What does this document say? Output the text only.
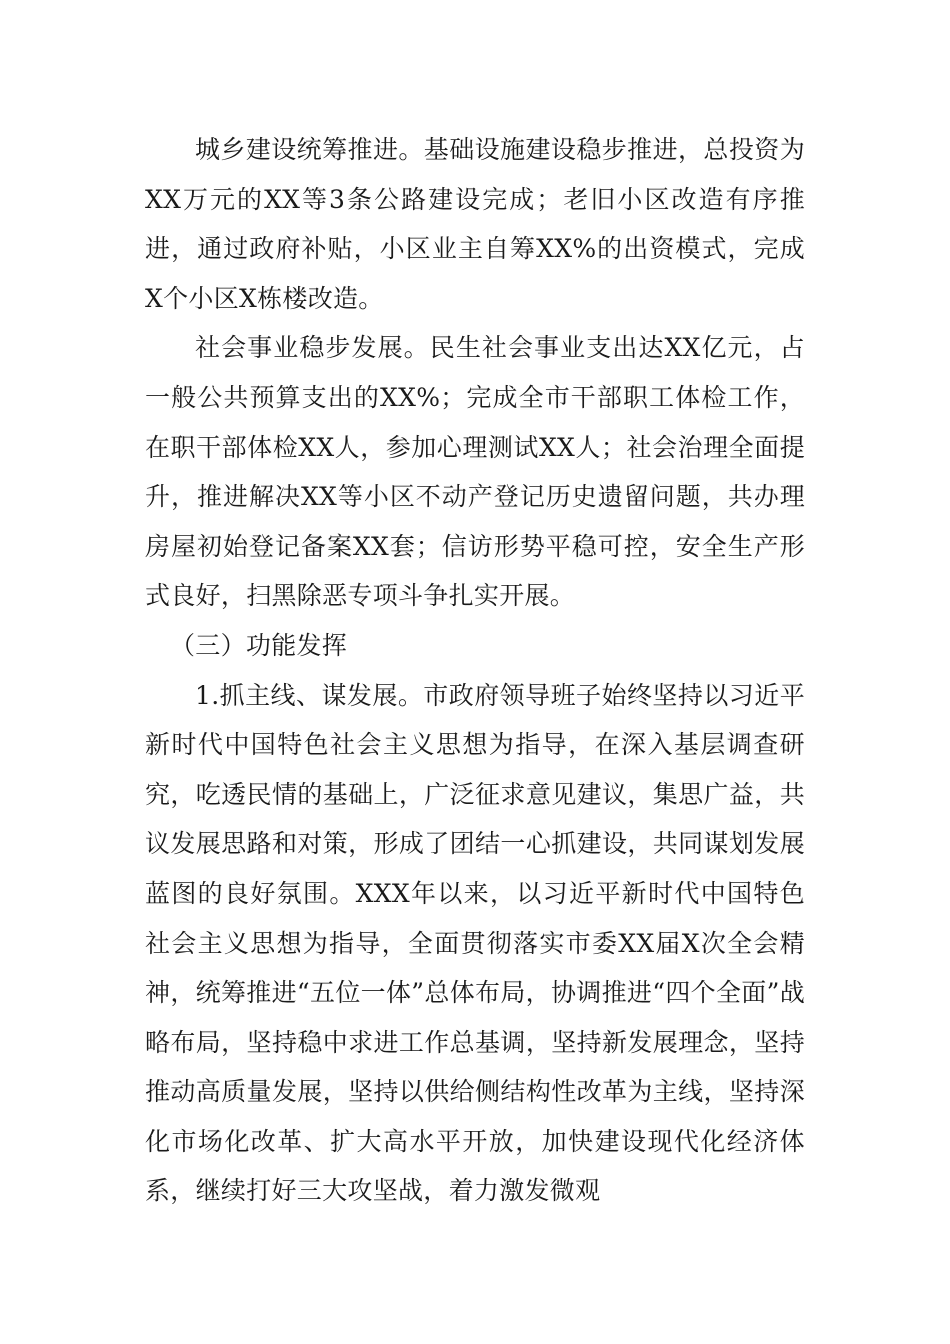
城乡建设统筹推进。基础设施建设稳步推进，总投资为XX万元的XX等3条公路建设完成；老旧小区改造有序推进，通过政府补贴，小区业主自筹XX%的出资模式，完成X个小区X栋楼改造。

社会事业稳步发展。民生社会事业支出达XX亿元，占一般公共预算支出的XX%；完成全市干部职工体检工作，在职干部体检XX人，参加心理测试XX人；社会治理全面提升，推进解决XX等小区不动产登记历史遗留问题，共办理房屋初始登记备案XX套；信访形势平稳可控，安全生产形式良好，扫黑除恶专项斗争扎实开展。

（三）功能发挥

1.抓主线、谋发展。市政府领导班子始终坚持以习近平新时代中国特色社会主义思想为指导，在深入基层调查研究，吃透民情的基础上，广泛征求意见建议，集思广益，共议发展思路和对策，形成了团结一心抓建设，共同谋划发展蓝图的良好氛围。XXX年以来，以习近平新时代中国特色社会主义思想为指导，全面贯彻落实市委XX届X次全会精神，统筹推进“五位一体”总体布局，协调推进“四个全面”战略布局，坚持稳中求进工作总基调，坚持新发展理念，坚持推动高质量发展，坚持以供给侧结构性改革为主线，坚持深化市场化改革、扩大高水平开放，加快建设现代化经济体系，继续打好三大攻坚战，着力激发微观
